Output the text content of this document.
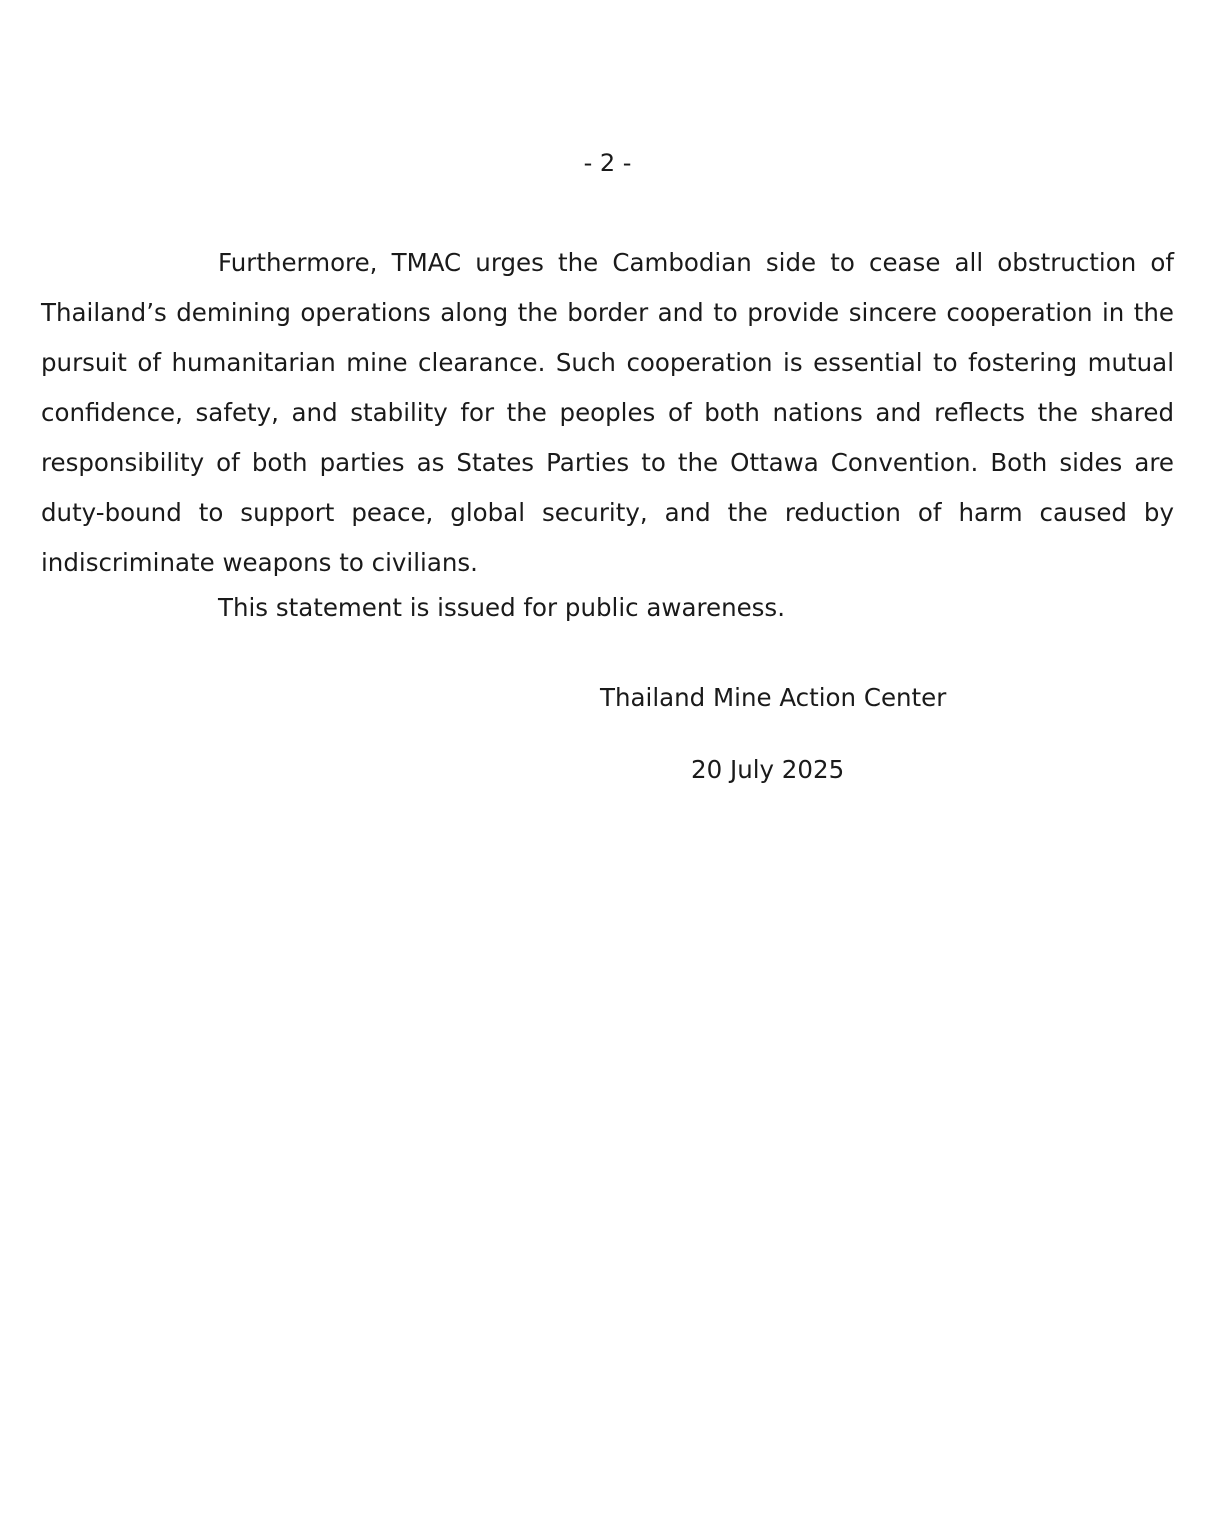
- 2 -

Furthermore, TMAC urges the Cambodian side to cease all obstruction of Thailand’s demining operations along the border and to provide sincere cooperation in the pursuit of humanitarian mine clearance. Such cooperation is essential to fostering mutual confidence, safety, and stability for the peoples of both nations and reflects the shared responsibility of both parties as States Parties to the Ottawa Convention. Both sides are duty-bound to support peace, global security, and the reduction of harm caused by indiscriminate weapons to civilians.

This statement is issued for public awareness.

Thailand Mine Action Center
20 July 2025
